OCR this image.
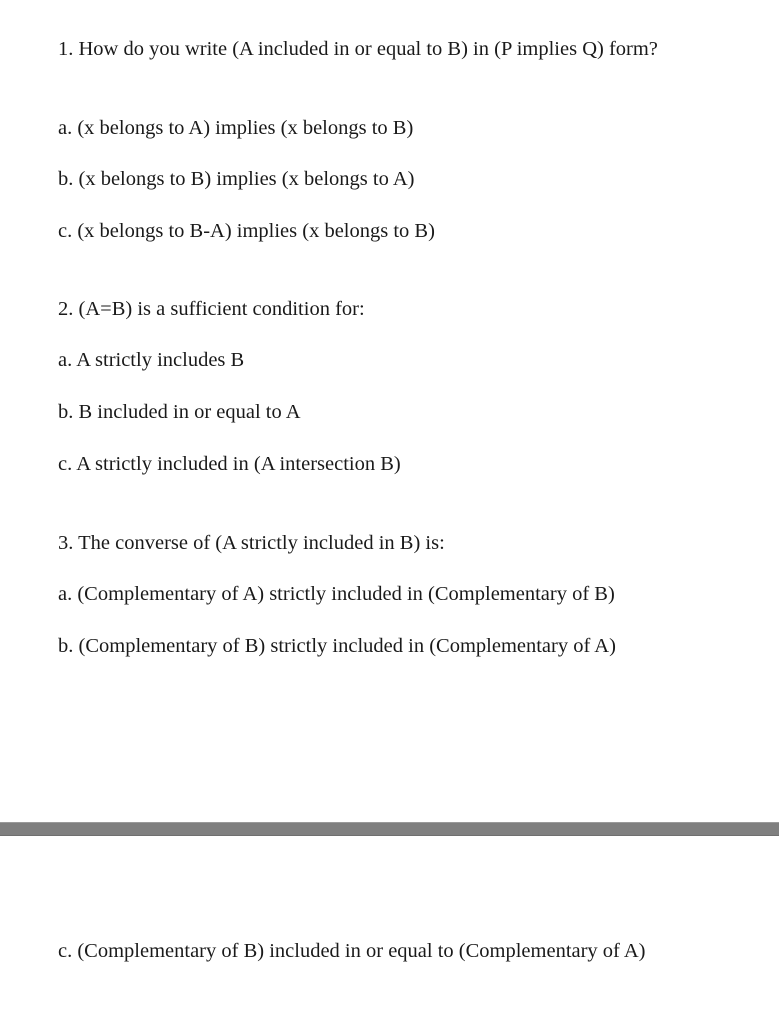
1. How do you write (A included in or equal to B) in (P implies Q) form?
a. (x belongs to A) implies (x belongs to B)
b. (x belongs to B) implies (x belongs to A)
c. (x belongs to B-A) implies (x belongs to B)
2. (A=B) is a sufficient condition for:
a. A strictly includes B
b. B included in or equal to A
c. A strictly included in (A intersection B)
3. The converse of (A strictly included in B) is:
a. (Complementary of A) strictly included in (Complementary of B)
b. (Complementary of B) strictly included in (Complementary of A)
c. (Complementary of B) included in or equal to (Complementary of A)
